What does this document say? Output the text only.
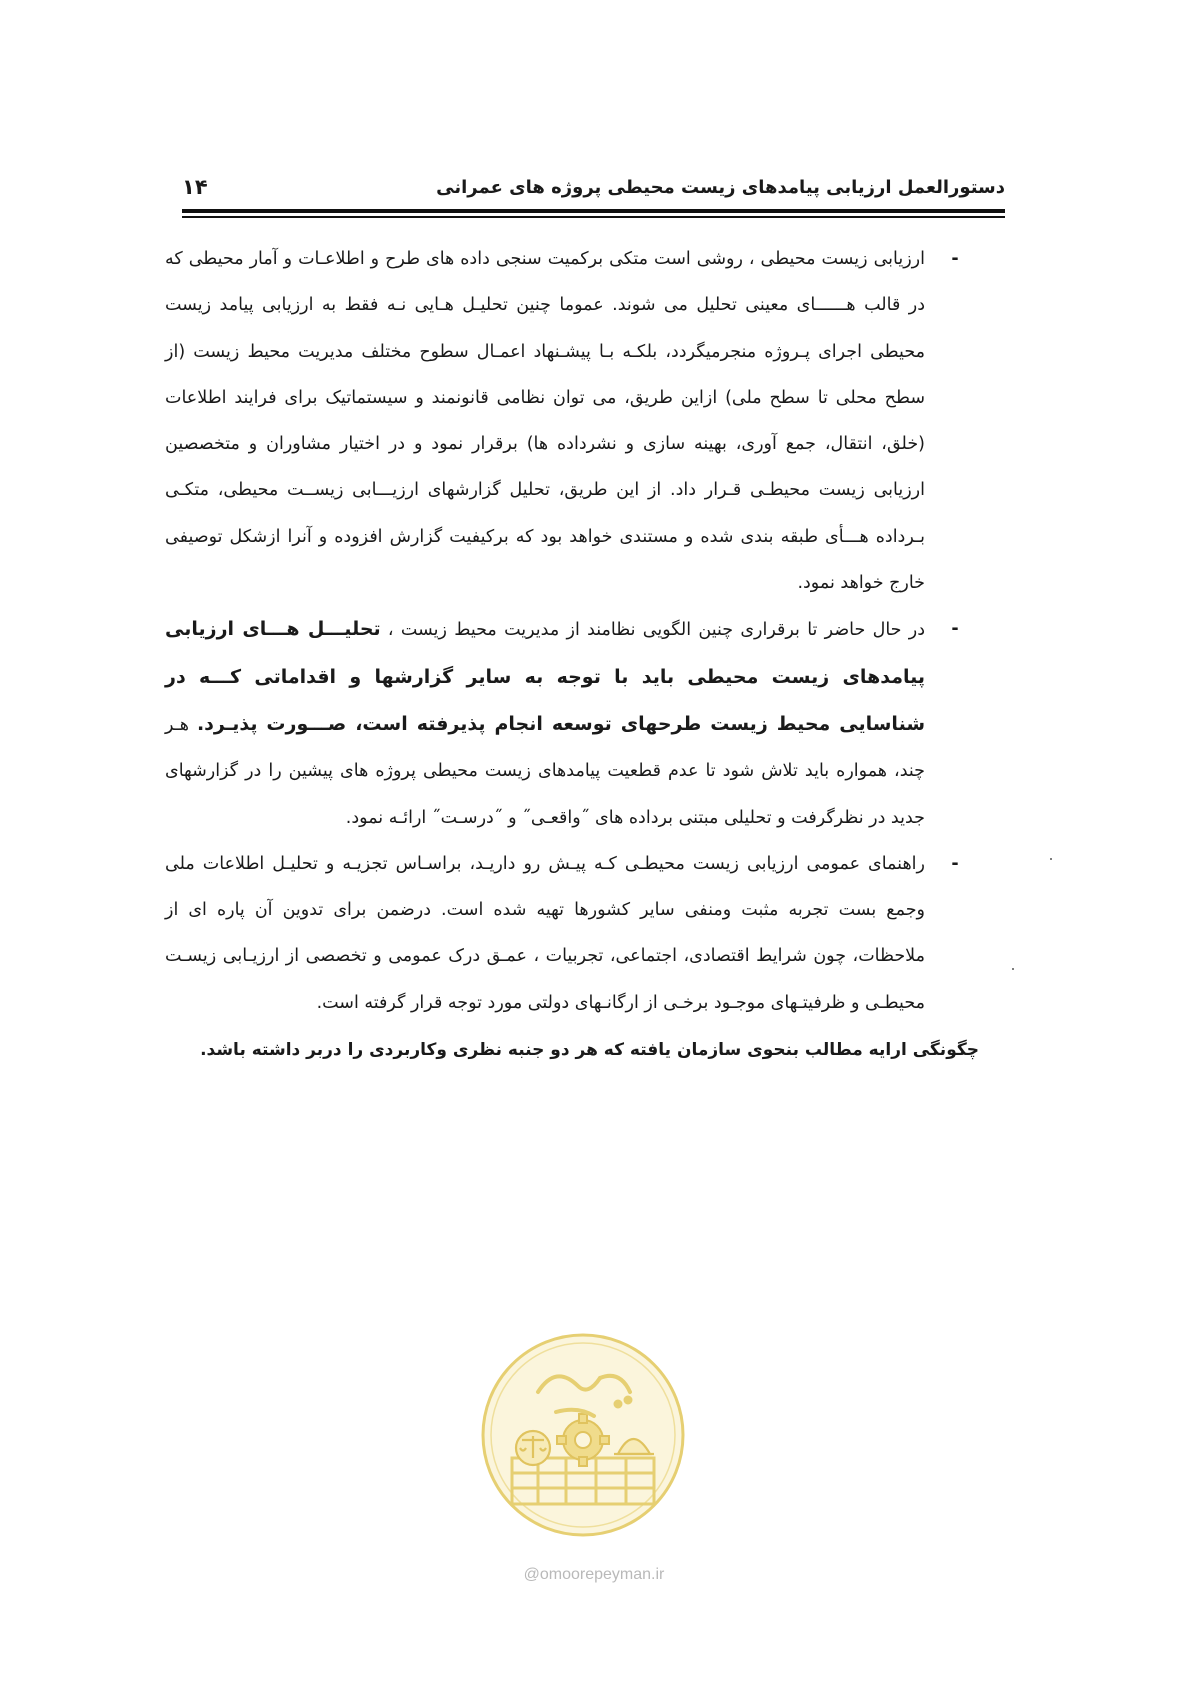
دستورالعمل ارزیابی پیامدهای زیست محیطی پروژه های عمرانی
۱۴
-

ارزیابی زیست محیطی ، روشی است متکی برکمیت سنجی داده های طرح و اطلاعـات و آمار محیطی که در قالب هــــــای معینی تحلیل می شوند. عموما چنین تحلیـل هـایی نـه فقط به ارزیابی پیامد زیست محیطی اجرای پـروژه منجرمیگردد، بلکـه بـا پیشـنهاد اعمـال سطوح مختلف مدیریت محیط زیست (از سطح محلی تا سطح ملی) ازاین طریق، می توان نظامی قانونمند و سیستماتیک برای فرایند اطلاعات (خلق، انتقال، جمع آوری، بهینه سازی و نشرداده ها) برقرار نمود و در اختیار مشاوران و متخصصین ارزیابی زیست محیطـی قـرار داد. از این طریق، تحلیل گزارشهای ارزیـــابی زیســت محیطی، متکـی بـرداده هـــأی طبقه بندی شده و مستندی خواهد بود که برکیفیت گزارش افزوده و آنرا ازشکل توصیفی خارج خواهد نمود.

-

در حال حاضر تا برقراری چنین الگویی نظامند از مدیریت محیط زیست ، تحلیـــل هـــای ارزیابی پیامدهای زیست محیطی باید با توجه به سایر گزارشها و اقداماتی کـــه در شناسایی محیط زیست طرحهای توسعه انجام پذیرفته است، صـــورت پذیـرد. هـر چند، همواره باید تلاش شود تا عدم قطعیت پیامدهای زیست محیطی پروژه های پیشین را در گزارشهای جدید در نظرگرفت و تحلیلی مبتنی برداده های ˝واقعـی˝ و ˝درسـت˝ ارائـه نمود.

-

راهنمای عمومی ارزیابی زیست محیطـی کـه پیـش رو داریـد، براسـاس تجزیـه و تحلیـل اطلاعات ملی وجمع بست تجربه مثبت ومنفی سایر کشورها تهیه شده است. درضمن برای تدوین آن پاره ای از ملاحظات، چون شرایط اقتصادی، اجتماعی، تجربیات ، عمـق درک عمومی و تخصصی از ارزیـابی زیسـت محیطـی و ظرفیتـهای موجـود برخـی از ارگانـهای دولتی مورد توجه قرار گرفته است.

چگونگی ارایه مطالب بنحوی سازمان یافته که هر دو جنبه نظری وکاربردی را دربر داشته باشد.

@omoorepeyman.ir
